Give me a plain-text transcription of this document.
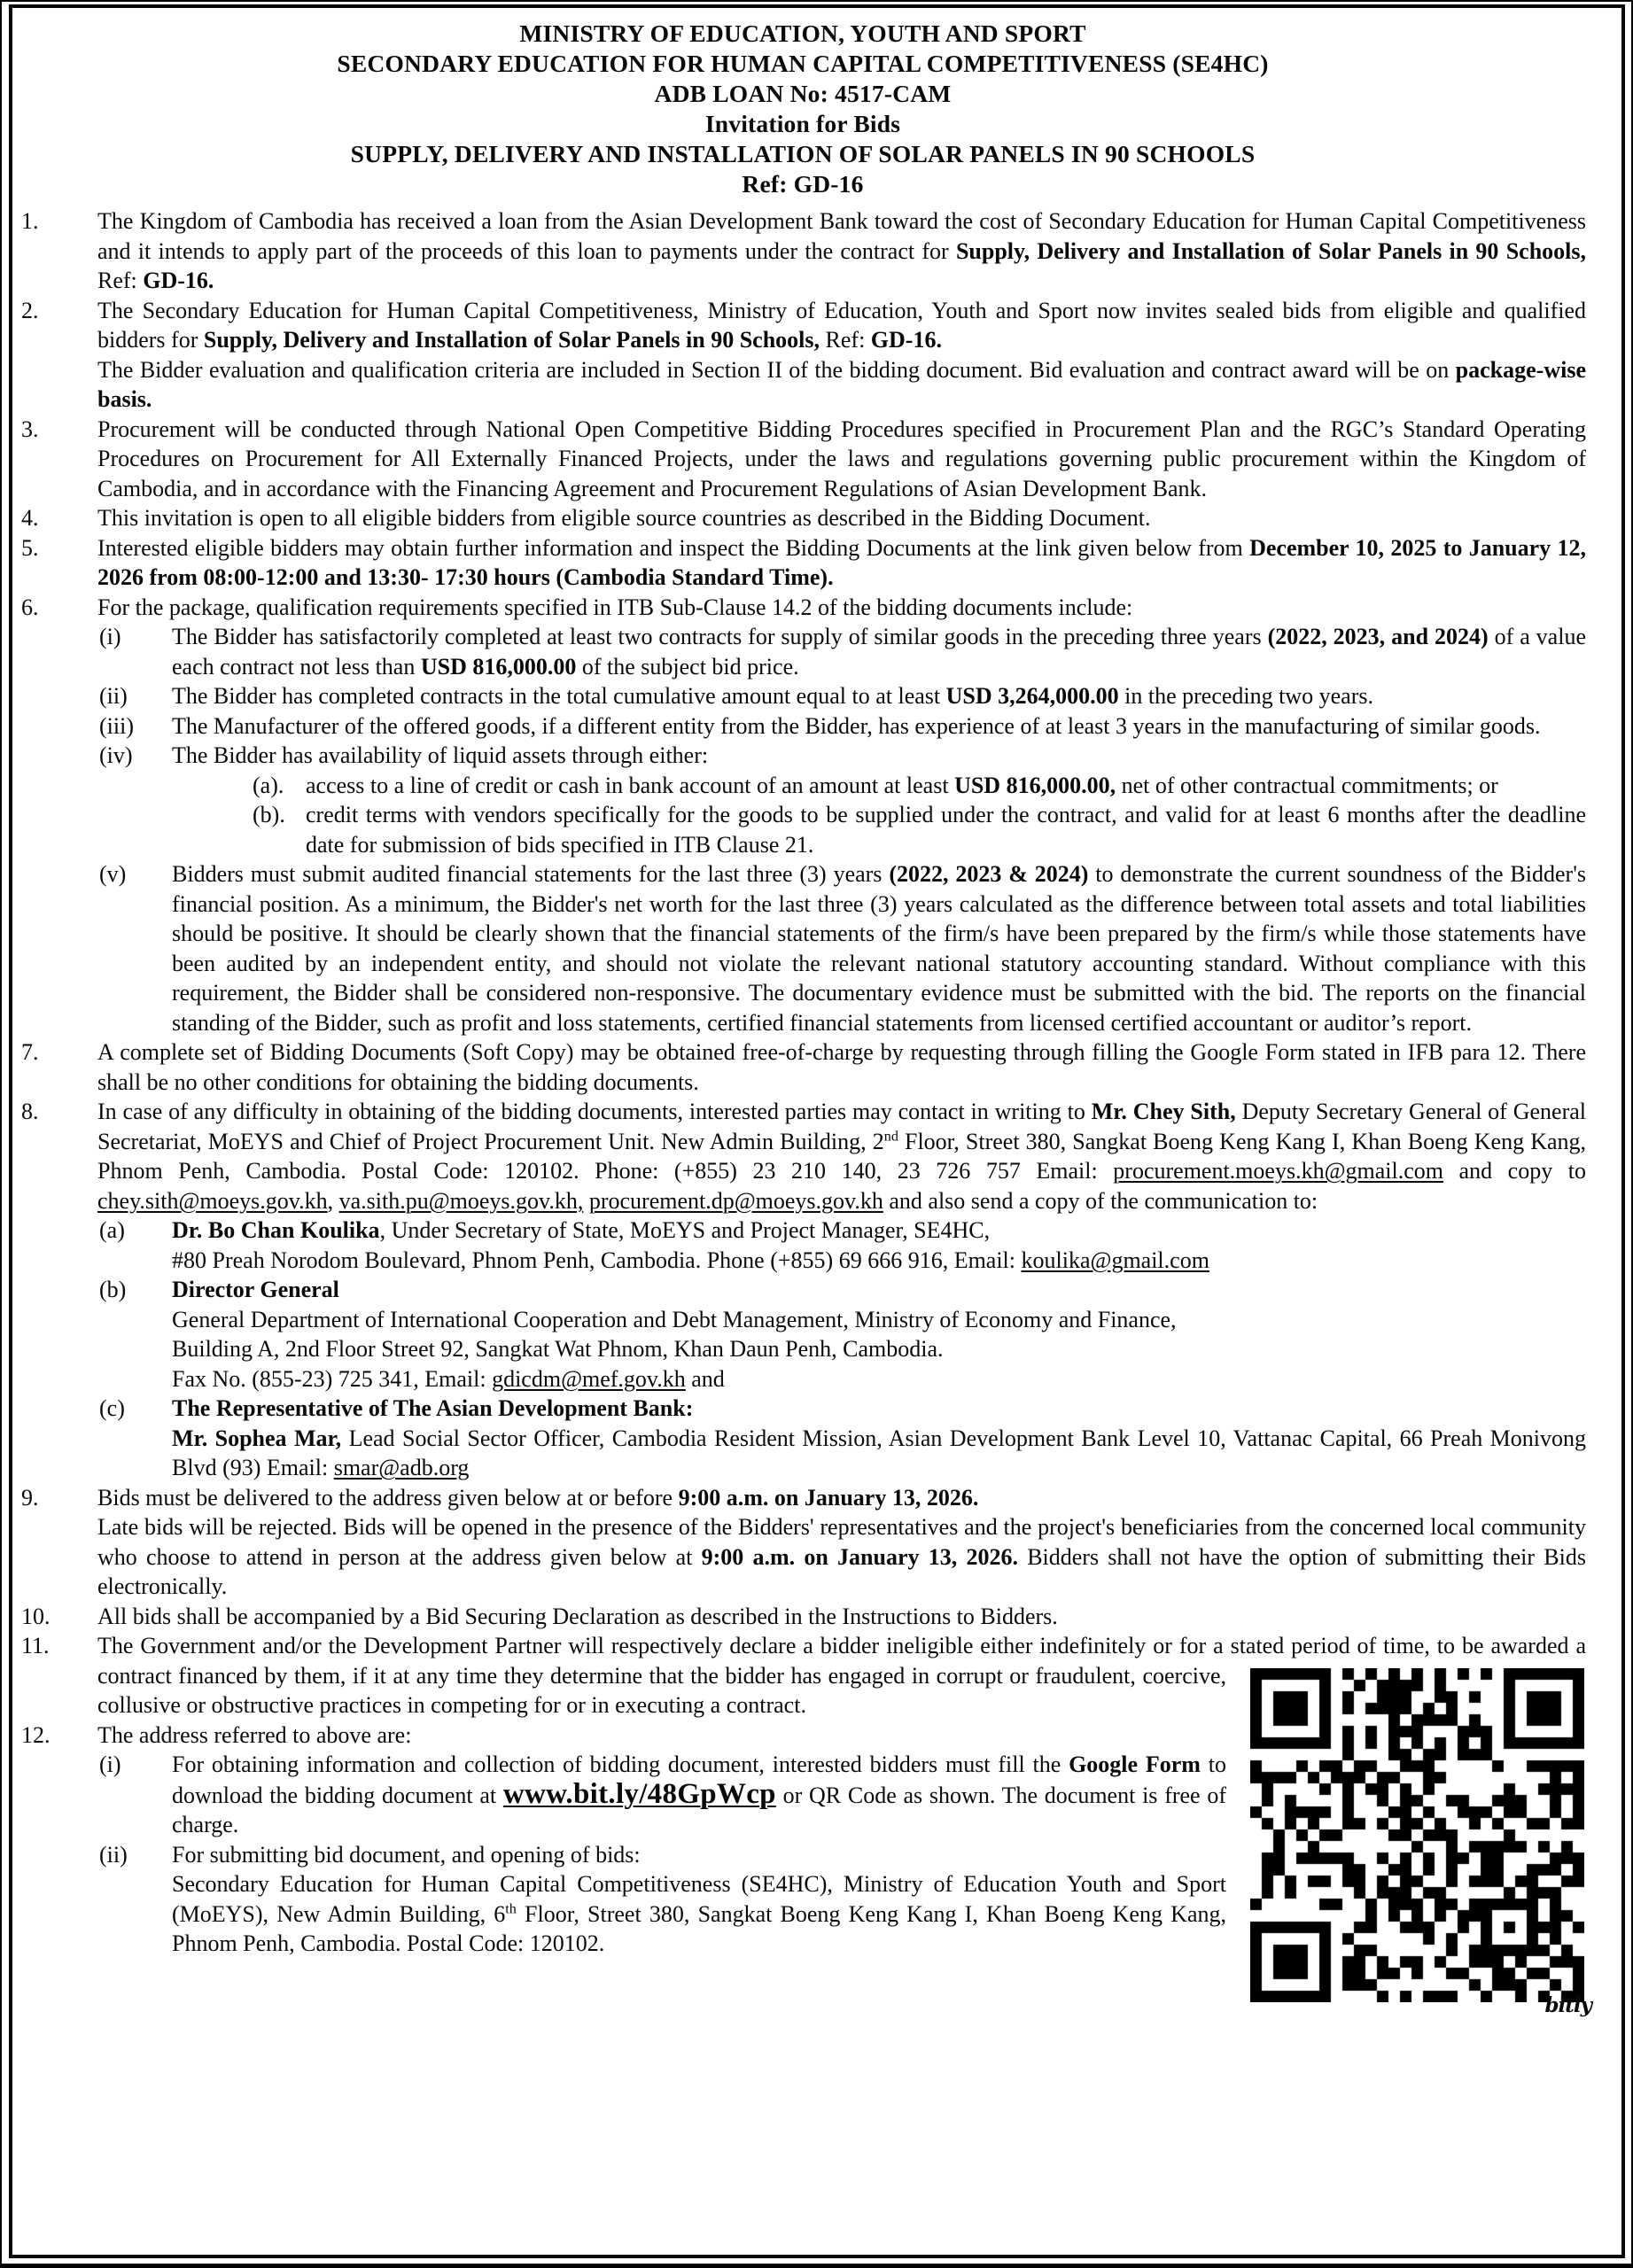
MINISTRY OF EDUCATION, YOUTH AND SPORT
SECONDARY EDUCATION FOR HUMAN CAPITAL COMPETITIVENESS (SE4HC)
ADB LOAN No: 4517-CAM
Invitation for Bids
SUPPLY, DELIVERY AND INSTALLATION OF SOLAR PANELS IN 90 SCHOOLS
Ref: GD-16
1.	The Kingdom of Cambodia has received a loan from the Asian Development Bank toward the cost of Secondary Education for Human Capital Competitiveness and it intends to apply part of the proceeds of this loan to payments under the contract for Supply, Delivery and Installation of Solar Panels in 90 Schools, Ref: GD-16.
2.	The Secondary Education for Human Capital Competitiveness, Ministry of Education, Youth and Sport now invites sealed bids from eligible and qualified bidders for Supply, Delivery and Installation of Solar Panels in 90 Schools, Ref: GD-16.
The Bidder evaluation and qualification criteria are included in Section II of the bidding document. Bid evaluation and contract award will be on package-wise basis.
3.	Procurement will be conducted through National Open Competitive Bidding Procedures specified in Procurement Plan and the RGC’s Standard Operating Procedures on Procurement for All Externally Financed Projects, under the laws and regulations governing public procurement within the Kingdom of Cambodia, and in accordance with the Financing Agreement and Procurement Regulations of Asian Development Bank.
4.	This invitation is open to all eligible bidders from eligible source countries as described in the Bidding Document.
5.	Interested eligible bidders may obtain further information and inspect the Bidding Documents at the link given below from December 10, 2025 to January 12, 2026 from 08:00-12:00 and 13:30- 17:30 hours (Cambodia Standard Time).
6.	For the package, qualification requirements specified in ITB Sub-Clause 14.2 of the bidding documents include:
(i) The Bidder has satisfactorily completed at least two contracts for supply of similar goods in the preceding three years (2022, 2023, and 2024) of a value each contract not less than USD 816,000.00 of the subject bid price.
(ii) The Bidder has completed contracts in the total cumulative amount equal to at least USD 3,264,000.00 in the preceding two years.
(iii) The Manufacturer of the offered goods, if a different entity from the Bidder, has experience of at least 3 years in the manufacturing of similar goods.
(iv) The Bidder has availability of liquid assets through either:
(a). access to a line of credit or cash in bank account of an amount at least USD 816,000.00, net of other contractual commitments; or
(b). credit terms with vendors specifically for the goods to be supplied under the contract, and valid for at least 6 months after the deadline date for submission of bids specified in ITB Clause 21.
(v) Bidders must submit audited financial statements for the last three (3) years (2022, 2023 & 2024) to demonstrate the current soundness of the Bidder's financial position. As a minimum, the Bidder's net worth for the last three (3) years calculated as the difference between total assets and total liabilities should be positive. It should be clearly shown that the financial statements of the firm/s have been prepared by the firm/s while those statements have been audited by an independent entity, and should not violate the relevant national statutory accounting standard. Without compliance with this requirement, the Bidder shall be considered non-responsive. The documentary evidence must be submitted with the bid. The reports on the financial standing of the Bidder, such as profit and loss statements, certified financial statements from licensed certified accountant or auditor’s report.
7.	A complete set of Bidding Documents (Soft Copy) may be obtained free-of-charge by requesting through filling the Google Form stated in IFB para 12. There shall be no other conditions for obtaining the bidding documents.
8.	In case of any difficulty in obtaining of the bidding documents, interested parties may contact in writing to Mr. Chey Sith, Deputy Secretary General of General Secretariat, MoEYS and Chief of Project Procurement Unit. New Admin Building, 2nd Floor, Street 380, Sangkat Boeng Keng Kang I, Khan Boeng Keng Kang, Phnom Penh, Cambodia. Postal Code: 120102. Phone: (+855) 23 210 140, 23 726 757 Email: procurement.moeys.kh@gmail.com and copy to chey.sith@moeys.gov.kh, va.sith.pu@moeys.gov.kh, procurement.dp@moeys.gov.kh and also send a copy of the communication to:
(a) Dr. Bo Chan Koulika, Under Secretary of State, MoEYS and Project Manager, SE4HC,
#80 Preah Norodom Boulevard, Phnom Penh, Cambodia. Phone (+855) 69 666 916, Email: koulika@gmail.com
(b) Director General
General Department of International Cooperation and Debt Management, Ministry of Economy and Finance,
Building A, 2nd Floor Street 92, Sangkat Wat Phnom, Khan Daun Penh, Cambodia.
Fax No. (855-23) 725 341, Email: gdicdm@mef.gov.kh and
(c) The Representative of The Asian Development Bank:
Mr. Sophea Mar, Lead Social Sector Officer, Cambodia Resident Mission, Asian Development Bank Level 10, Vattanac Capital, 66 Preah Monivong Blvd (93) Email: smar@adb.org
9.	Bids must be delivered to the address given below at or before 9:00 a.m. on January 13, 2026.
Late bids will be rejected. Bids will be opened in the presence of the Bidders' representatives and the project's beneficiaries from the concerned local community who choose to attend in person at the address given below at 9:00 a.m. on January 13, 2026. Bidders shall not have the option of submitting their Bids electronically.
10. All bids shall be accompanied by a Bid Securing Declaration as described in the Instructions to Bidders.
11. The Government and/or the Development Partner will respectively declare a bidder ineligible either indefinitely or for a stated period
bitly
of time, to be awarded a contract financed by them, if it at any time they determine that the bidder has engaged in corrupt or fraudulent, coercive, collusive or obstructive practices in competing for or in executing a contract.
12. The address referred to above are:
(i) For obtaining information and collection of bidding document, interested bidders must fill the Google Form to download the bidding document at www.bit.ly/48GpWcp or QR Code as shown. The document is free of charge.
(ii) For submitting bid document, and opening of bids:
Secondary Education for Human Capital Competitiveness (SE4HC), Ministry of Education Youth and Sport (MoEYS), New Admin Building, 6th Floor, Street 380, Sangkat Boeng Keng Kang I, Khan Boeng Keng Kang, Phnom Penh, Cambodia. Postal Code: 120102.
